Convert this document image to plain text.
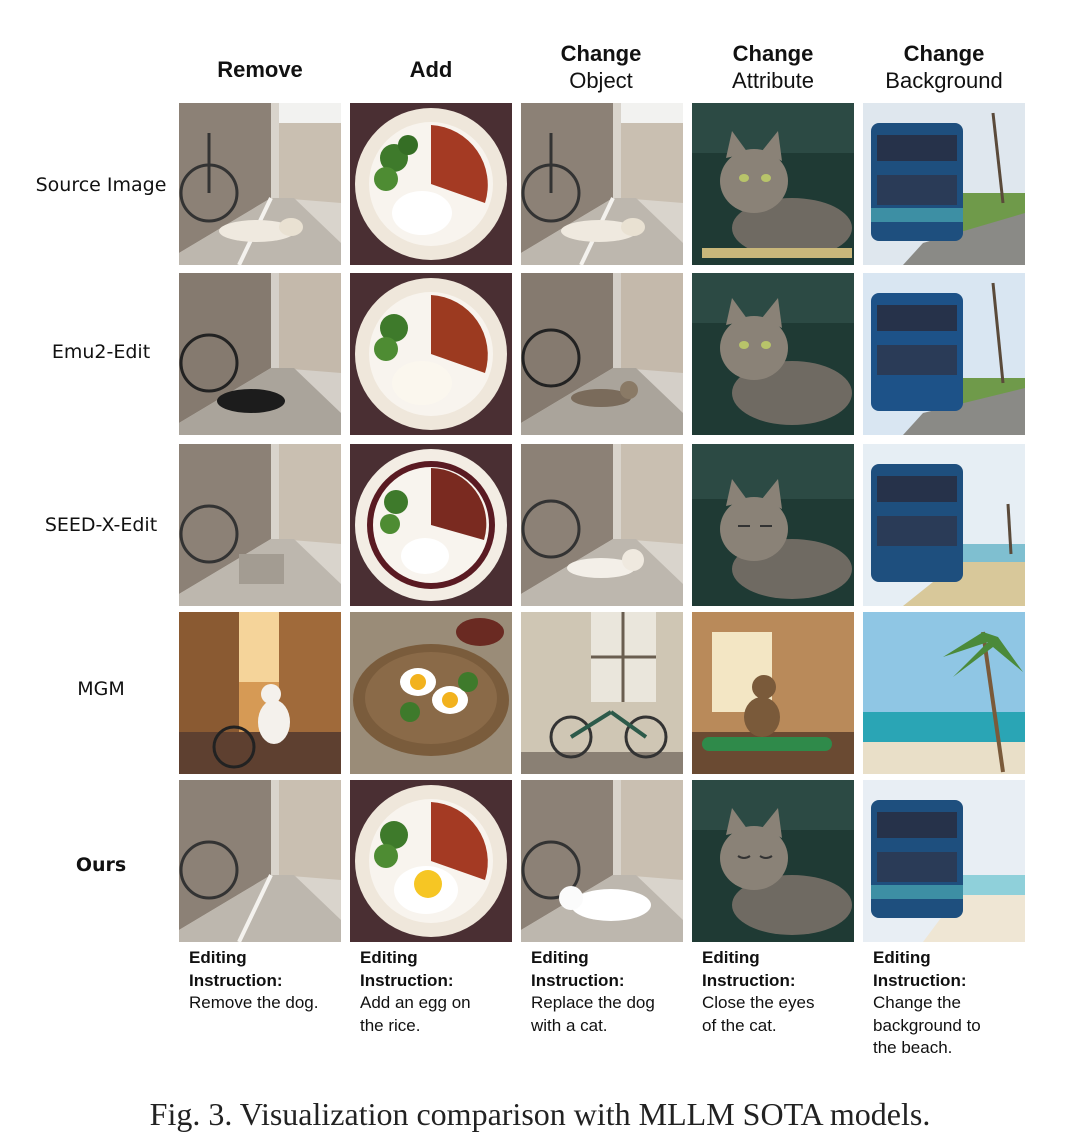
Remove	Add
Change
Object
Change
Attribute
Change
Background
Source Image
Emu2-Edit
SEED-X-Edit
MGM
Ours
Editing
Instruction:
Remove the dog.
Editing
Instruction:
Add an egg on
the rice.
Editing
Instruction:
Replace the dog
with a cat.
Editing
Instruction:
Close the eyes
of the cat.
Editing
Instruction:
Change the
background to
the beach.
Fig. 3. Visualization comparison with MLLM SOTA models.
